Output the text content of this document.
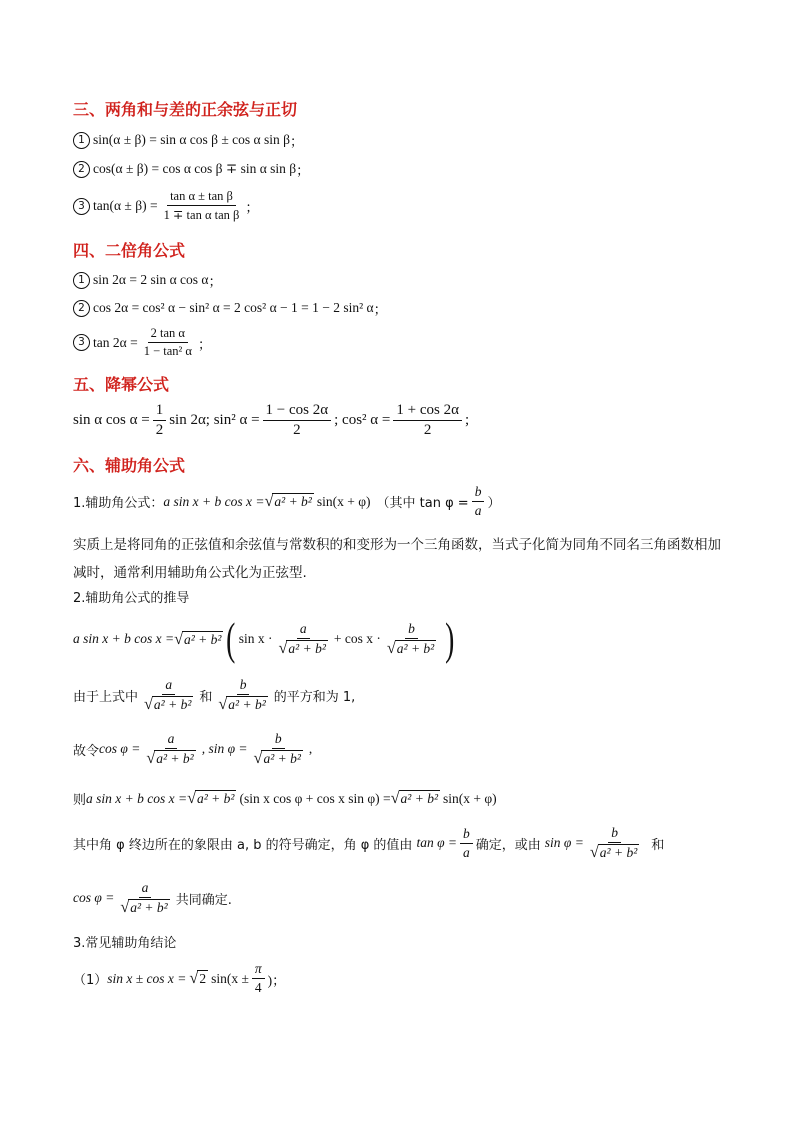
三、两角和与差的正余弦与正切
1 sin(α ± β) = sin α cos β ± cos α sin β ；
2 cos(α ± β) = cos α cos β ∓ sin α sin β ；
3 $\tan(\alpha \pm \beta) = \frac{\text{tan α ± tan β}}{\text{1 ∓ tan α tan β}}$ ；
四、二倍角公式
1 sin 2α = 2 sin α cos α ；
2 cos 2α = cos² α − sin² α = 2 cos² α − 1 = 1 − 2 sin² α ；
3 $\tan 2\alpha = \frac{\text{2 tan α}}{\text{1 − tan² α}}$ ；
五、降幂公式
sin α $\cos \alpha = \frac{1}{2}$ sin 2α; sin² $\alpha = \frac{1 - \cos 2\alpha}{2}$ ; cos² $\alpha = \frac{1 + \cos 2\alpha}{2}$ ;
六、辅助角公式
1.辅助角公式： a sin x + b cos x = √ a² + b² sin(x + φ) （其中 $\tan \varphi = \frac{b}{a}$ ）
实质上是将同角的正弦值和余弦值与常数积的和变形为一个三角函数，当式子化简为同角不同名三角函数相加减时，通常利用辅助角公式化为正弦型.
2.辅助角公式的推导
a sin x + b cos x = √ a² + b² ( $\sin x \cdot \frac{a}{\text{√ a² + b²}} + \cos x \cdot \frac{b}{\text{√ a² + b²}}$ )
由于上式中 $\frac{a}{\text{√ a² + b²}}$ 和 $\frac{b}{\text{√ a² + b²}}$ 的平方和为 1,
故令 $\cos \varphi = \frac{a}{\text{√ a² + b²}}$ , $\sin \varphi = \frac{b}{\text{√ a² + b²}}$ ,
则 a sin x + b cos x = √ a² + b² (sin x cos φ + cos x sin φ) = √ a² + b² sin(x + φ)
其中角 φ 终边所在的象限由 a, b 的符号确定，角 φ 的值由 $\tan \varphi = \frac{b}{a}$ 确定，或由 $\sin \varphi = \frac{b}{\text{√ a² + b²}}$ 和
$\cos \varphi = \frac{a}{\text{√ a² + b²}}$ 共同确定.
3.常见辅助角结论
（1） sin x ± cos x = √ 2 $\sin(x \pm \frac{\pi}{4}$ )；
